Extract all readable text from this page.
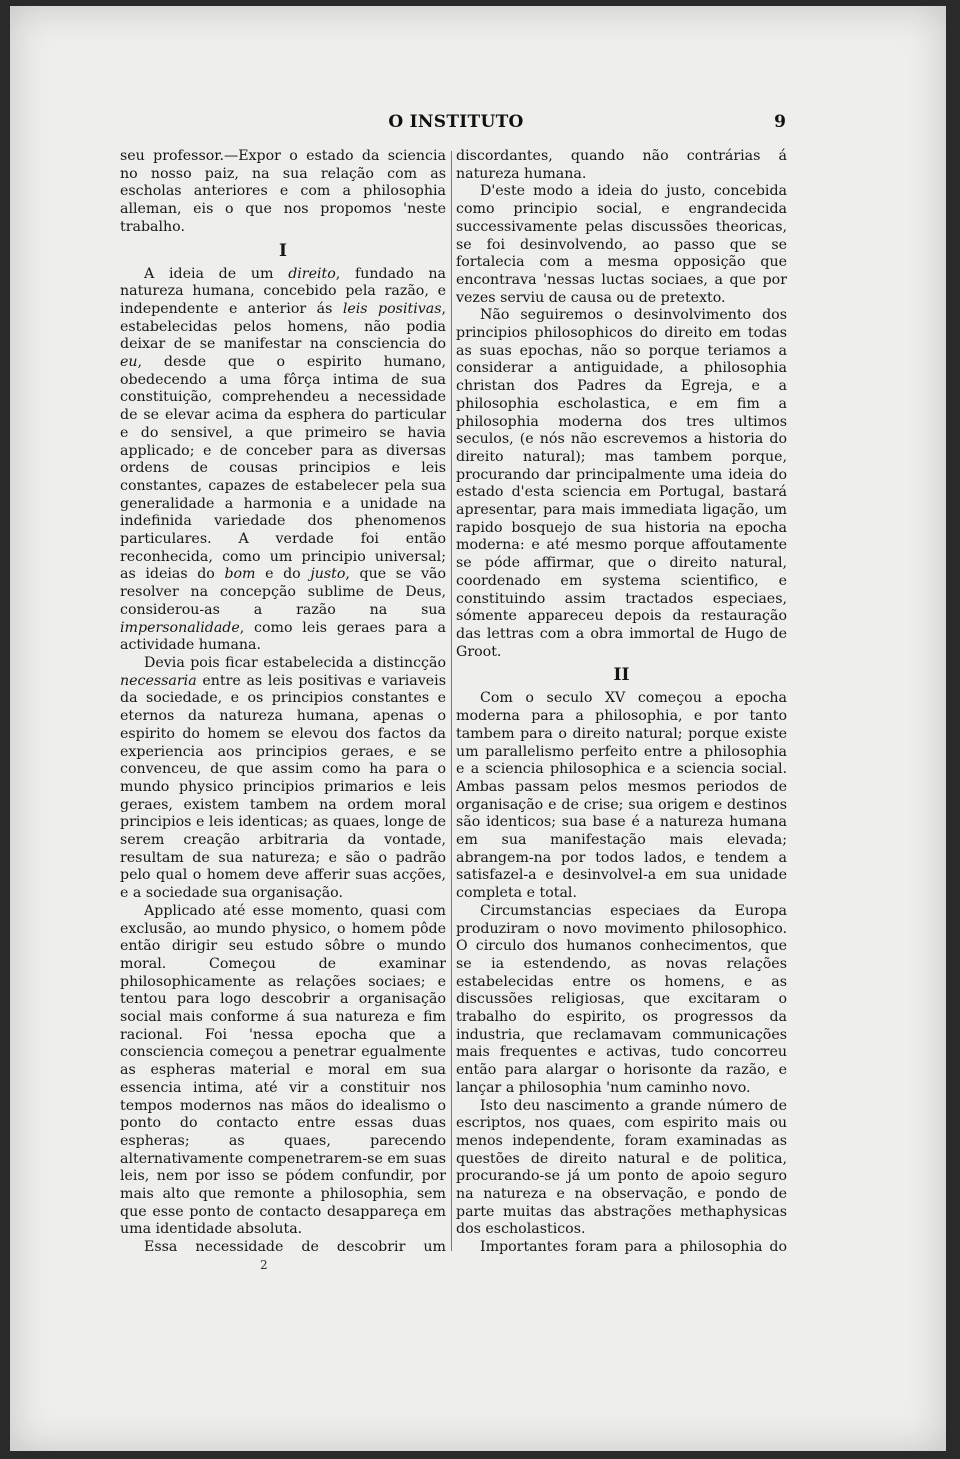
O INSTITUTO	9

seu professor.—Expor o estado da sciencia no nosso paiz, na sua relação com as escholas anteriores e com a philosophia alleman, eis o que nos propomos 'neste trabalho.

I

A ideia de um direito, fundado na natureza humana, concebido pela razão, e independente e anterior ás leis positivas, estabelecidas pelos homens, não podia deixar de se manifestar na consciencia do eu, desde que o espirito humano, obedecendo a uma fôrça intima de sua constituição, comprehendeu a necessidade de se elevar acima da esphera do particular e do sensivel, a que primeiro se havia applicado; e de conceber para as diversas ordens de cousas principios e leis constantes, capazes de estabelecer pela sua generalidade a harmonia e a unidade na indefinida variedade dos phenomenos particulares. A verdade foi então reconhecida, como um principio universal; as ideias do bom e do justo, que se vão resolver na concepção sublime de Deus, considerou-as a razão na sua impersonalidade, como leis geraes para a actividade humana.

Devia pois ficar estabelecida a distincção necessaria entre as leis positivas e variaveis da sociedade, e os principios constantes e eternos da natureza humana, apenas o espirito do homem se elevou dos factos da experiencia aos principios geraes, e se convenceu, de que assim como ha para o mundo physico principios primarios e leis geraes, existem tambem na ordem moral principios e leis identicas; as quaes, longe de serem creação arbitraria da vontade, resultam de sua natureza; e são o padrão pelo qual o homem deve afferir suas acções, e a sociedade sua organisação.

Applicado até esse momento, quasi com exclusão, ao mundo physico, o homem pôde então dirigir seu estudo sôbre o mundo moral. Começou de examinar philosophicamente as relações sociaes; e tentou para logo descobrir a organisação social mais conforme á sua natureza e fim racional. Foi 'nessa epocha que a consciencia começou a penetrar egualmente as espheras material e moral em sua essencia intima, até vir a constituir nos tempos modernos nas mãos do idealismo o ponto do contacto entre essas duas espheras; as quaes, parecendo alternativamente compenetrarem-se em suas leis, nem por isso se pódem confundir, por mais alto que remonte a philosophia, sem que esse ponto de contacto desappareça em uma identidade absoluta.

Essa necessidade de descobrir um

discordantes, quando não contrárias á natureza humana.

D'este modo a ideia do justo, concebida como principio social, e engrandecida successivamente pelas discussões theoricas, se foi desinvolvendo, ao passo que se fortalecia com a mesma opposição que encontrava 'nessas luctas sociaes, a que por vezes serviu de causa ou de pretexto.

Não seguiremos o desinvolvimento dos principios philosophicos do direito em todas as suas epochas, não so porque teriamos a considerar a antiguidade, a philosophia christan dos Padres da Egreja, e a philosophia escholastica, e em fim a philosophia moderna dos tres ultimos seculos, (e nós não escrevemos a historia do direito natural); mas tambem porque, procurando dar principalmente uma ideia do estado d'esta sciencia em Portugal, bastará apresentar, para mais immediata ligação, um rapido bosquejo de sua historia na epocha moderna: e até mesmo porque affoutamente se póde affirmar, que o direito natural, coordenado em systema scientifico, e constituindo assim tractados especiaes, sómente appareceu depois da restauração das lettras com a obra immortal de Hugo de Groot.

II

Com o seculo XV começou a epocha moderna para a philosophia, e por tanto tambem para o direito natural; porque existe um parallelismo perfeito entre a philosophia e a sciencia philosophica e a sciencia social. Ambas passam pelos mesmos periodos de organisação e de crise; sua origem e destinos são identicos; sua base é a natureza humana em sua manifestação mais elevada; abrangem-na por todos lados, e tendem a satisfazel-a e desinvolvel-a em sua unidade completa e total.

Circumstancias especiaes da Europa produziram o novo movimento philosophico. O circulo dos humanos conhecimentos, que se ia estendendo, as novas relações estabelecidas entre os homens, e as discussões religiosas, que excitaram o trabalho do espirito, os progressos da industria, que reclamavam communicações mais frequentes e activas, tudo concorreu então para alargar o horisonte da razão, e lançar a philosophia 'num caminho novo.

Isto deu nascimento a grande número de escriptos, nos quaes, com espirito mais ou menos independente, foram examinadas as questões de direito natural e de politica, procurando-se já um ponto de apoio seguro na natureza e na observação, e pondo de parte muitas das abstrações methaphysicas dos escholasticos.

Importantes foram para a philosophia do

2
